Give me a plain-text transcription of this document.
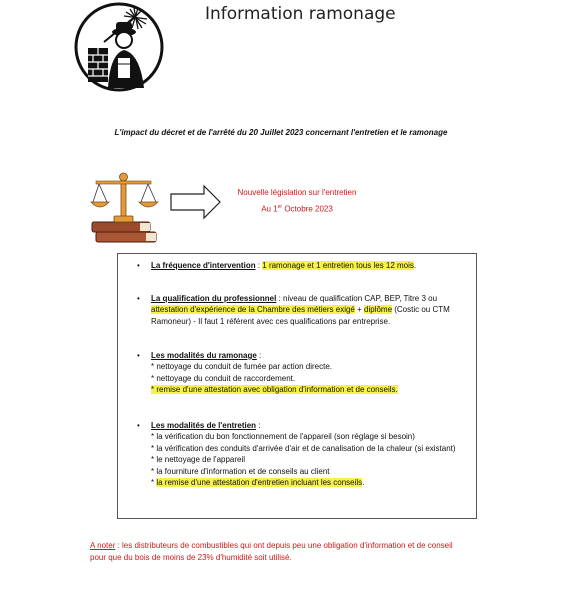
Information ramonage
L'impact du décret et de l'arrêté du 20 Juillet 2023 concernant l'entretien et le ramonage
Nouvelle législation sur l'entretien
Au 1er Octobre 2023
• La fréquence d'intervention : 1 ramonage et 1 entretien tous les 12 mois.
• La qualification du professionnel : niveau de qualification CAP, BEP, Titre 3 ou attestation d'expérience de la Chambre des métiers exigé + diplôme (Costic ou CTM Ramoneur) - Il faut 1 référent avec ces qualifications par entreprise.
• Les modalités du ramonage :
* nettoyage du conduit de fumée par action directe.
* nettoyage du conduit de raccordement.
* remise d'une attestation avec obligation d'information et de conseils.
• Les modalités de l'entretien :
* la vérification du bon fonctionnement de l'appareil (son réglage si besoin)
* la vérification des conduits d'arrivée d'air et de canalisation de la chaleur (si existant)
* le nettoyage de l'appareil
* la fourniture d'information et de conseils au client
* la remise d'une attestation d'entretien incluant les conseils.
A noter : les distributeurs de combustibles qui ont depuis peu une obligation d'information et de conseil pour que du bois de moins de 23% d'humidité soit utilisé.
